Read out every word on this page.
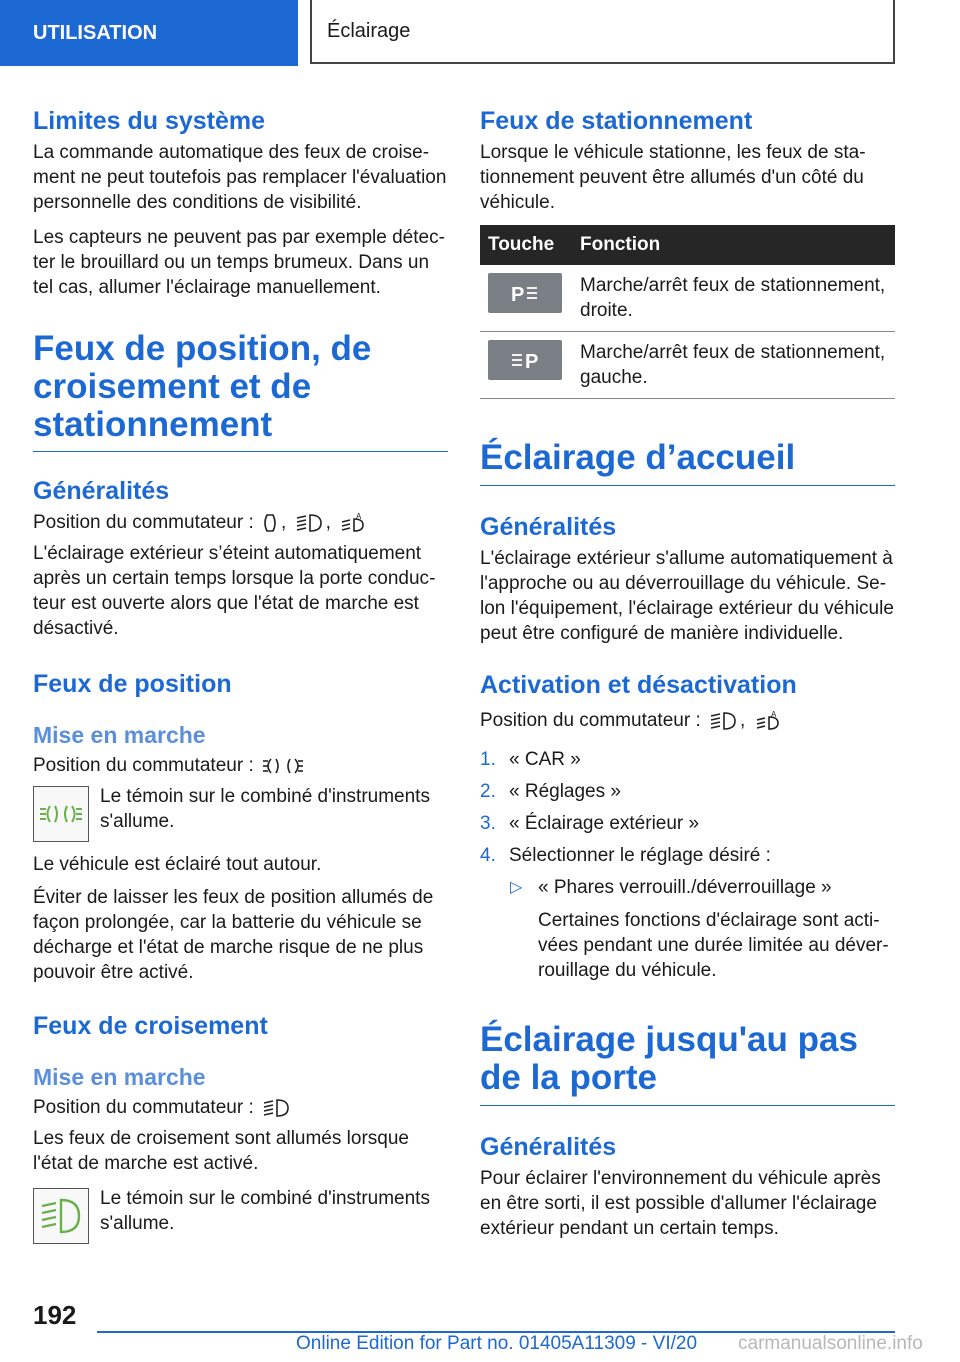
UTILISATION	Éclairage
Limites du système

La commande automatique des feux de croisement ne peut toutefois pas remplacer l'évaluation personnelle des conditions de visibilité.

Les capteurs ne peuvent pas par exemple détecter le brouillard ou un temps brumeux. Dans un tel cas, allumer l'éclairage manuellement.

Feux de position, de croisement et de stationnement
Généralités

Position du commutateur : , ,	A

L'éclairage extérieur s’éteint automatiquement après un certain temps lorsque la porte conducteur est ouverte alors que l'état de marche est désactivé.

Feux de position
Mise en marche

Position du commutateur :

Le témoin sur le combiné d'instruments s'allume.

Le véhicule est éclairé tout autour.

Éviter de laisser les feux de position allumés de façon prolongée, car la batterie du véhicule se décharge et l'état de marche risque de ne plus pouvoir être activé.

Feux de croisement
Mise en marche

Position du commutateur :

Les feux de croisement sont allumés lorsque l'état de marche est activé.

Le témoin sur le combiné d'instruments s'allume.

Feux de stationnement

Lorsque le véhicule stationne, les feux de stationnement peuvent être allumés d'un côté du véhicule.

Touche	Fonction

P	Marche/arrêt feux de stationnement, droite.

P	Marche/arrêt feux de stationnement, gauche.
Éclairage d’accueil
Généralités

L'éclairage extérieur s'allume automatiquement à l'approche ou au déverrouillage du véhicule. Selon l'équipement, l'éclairage extérieur du véhicule peut être configuré de manière individuelle.

Activation et désactivation

Position du commutateur : ,	A

1. « CAR »
2. « Réglages »
3. « Éclairage extérieur »
4. Sélectionner le réglage désiré :
▷ « Phares verrouill./déverrouillage »
Certaines fonctions d'éclairage sont activées pendant une durée limitée au déverrouillage du véhicule.
Éclairage jusqu'au pas de la porte
Généralités

Pour éclairer l'environnement du véhicule après en être sorti, il est possible d'allumer l'éclairage extérieur pendant un certain temps.

192
Online Edition for Part no. 01405A11309 - VI/20 carmanualsonline.info
